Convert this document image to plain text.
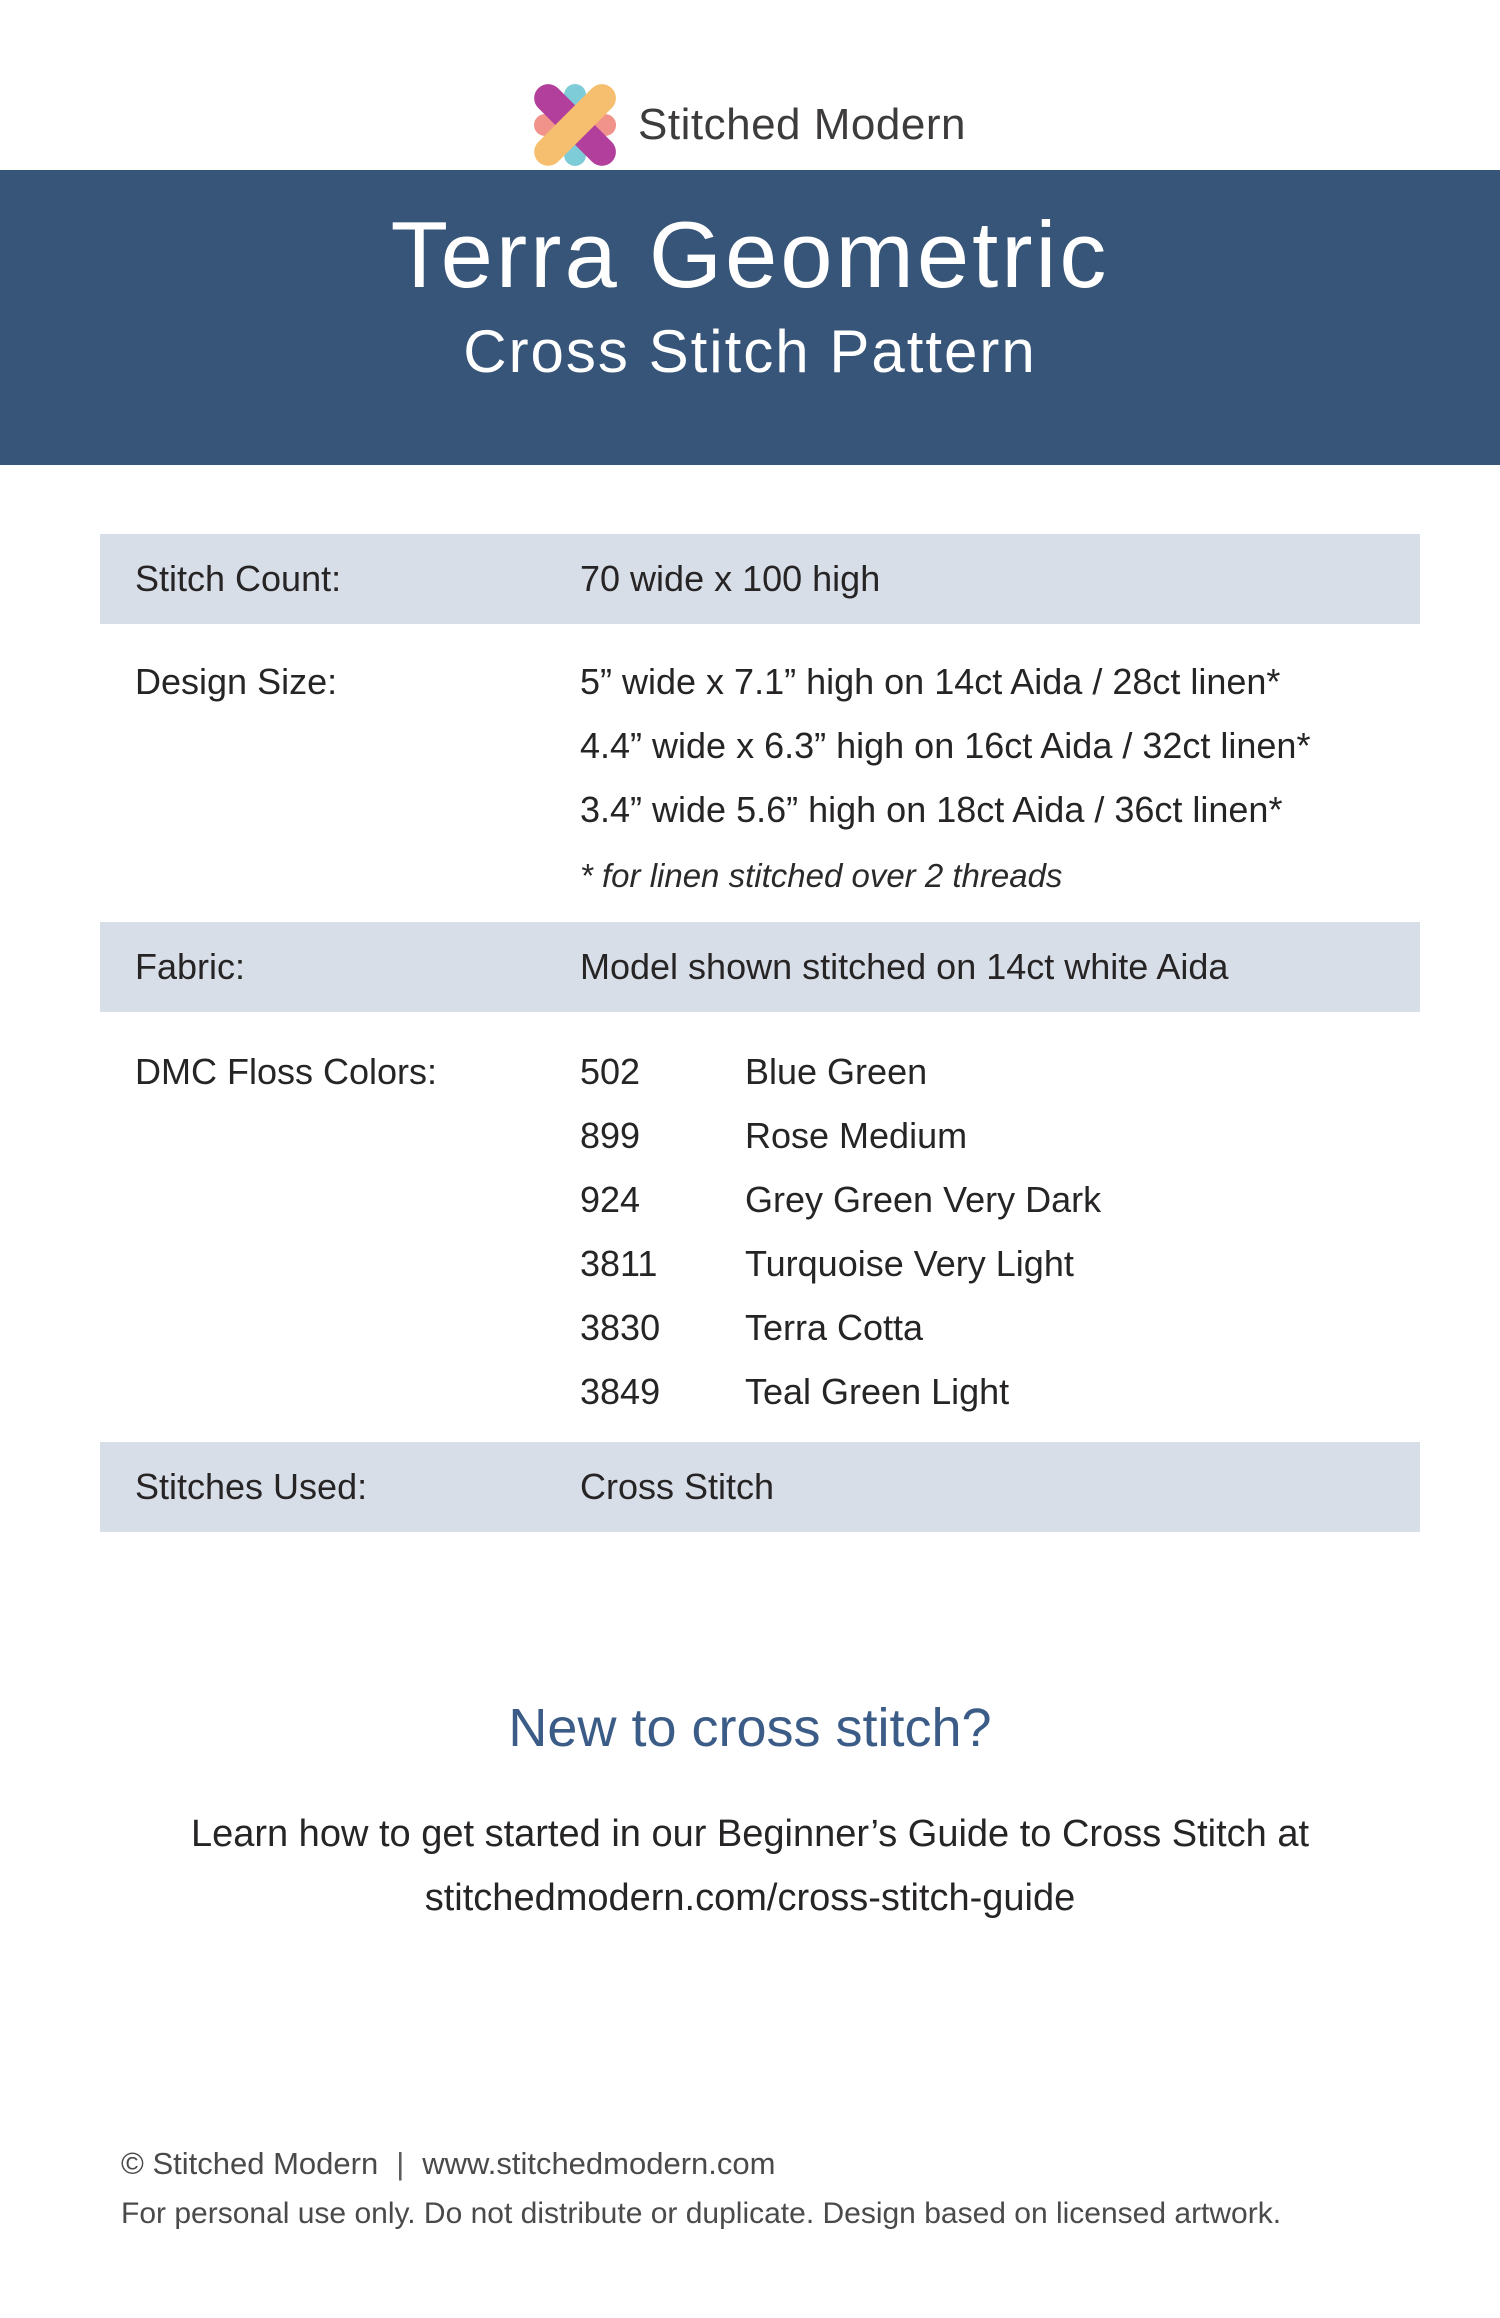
Stitched Modern
Terra Geometric
Cross Stitch Pattern
Stitch Count:	70 wide x 100 high
Design Size:	5” wide x 7.1” high on 14ct Aida / 28ct linen*
4.4” wide x 6.3” high on 16ct Aida / 32ct linen*
3.4” wide 5.6” high on 18ct Aida / 36ct linen*
* for linen stitched over 2 threads
Fabric:	Model shown stitched on 14ct white Aida
DMC Floss Colors:	502	Blue Green
899	Rose Medium
924	Grey Green Very Dark
3811	Turquoise Very Light
3830	Terra Cotta
3849	Teal Green Light
Stitches Used:	Cross Stitch
New to cross stitch?
Learn how to get started in our Beginner’s Guide to Cross Stitch at
stitchedmodern.com/cross-stitch-guide
© Stitched Modern | www.stitchedmodern.com
For personal use only. Do not distribute or duplicate. Design based on licensed artwork.
